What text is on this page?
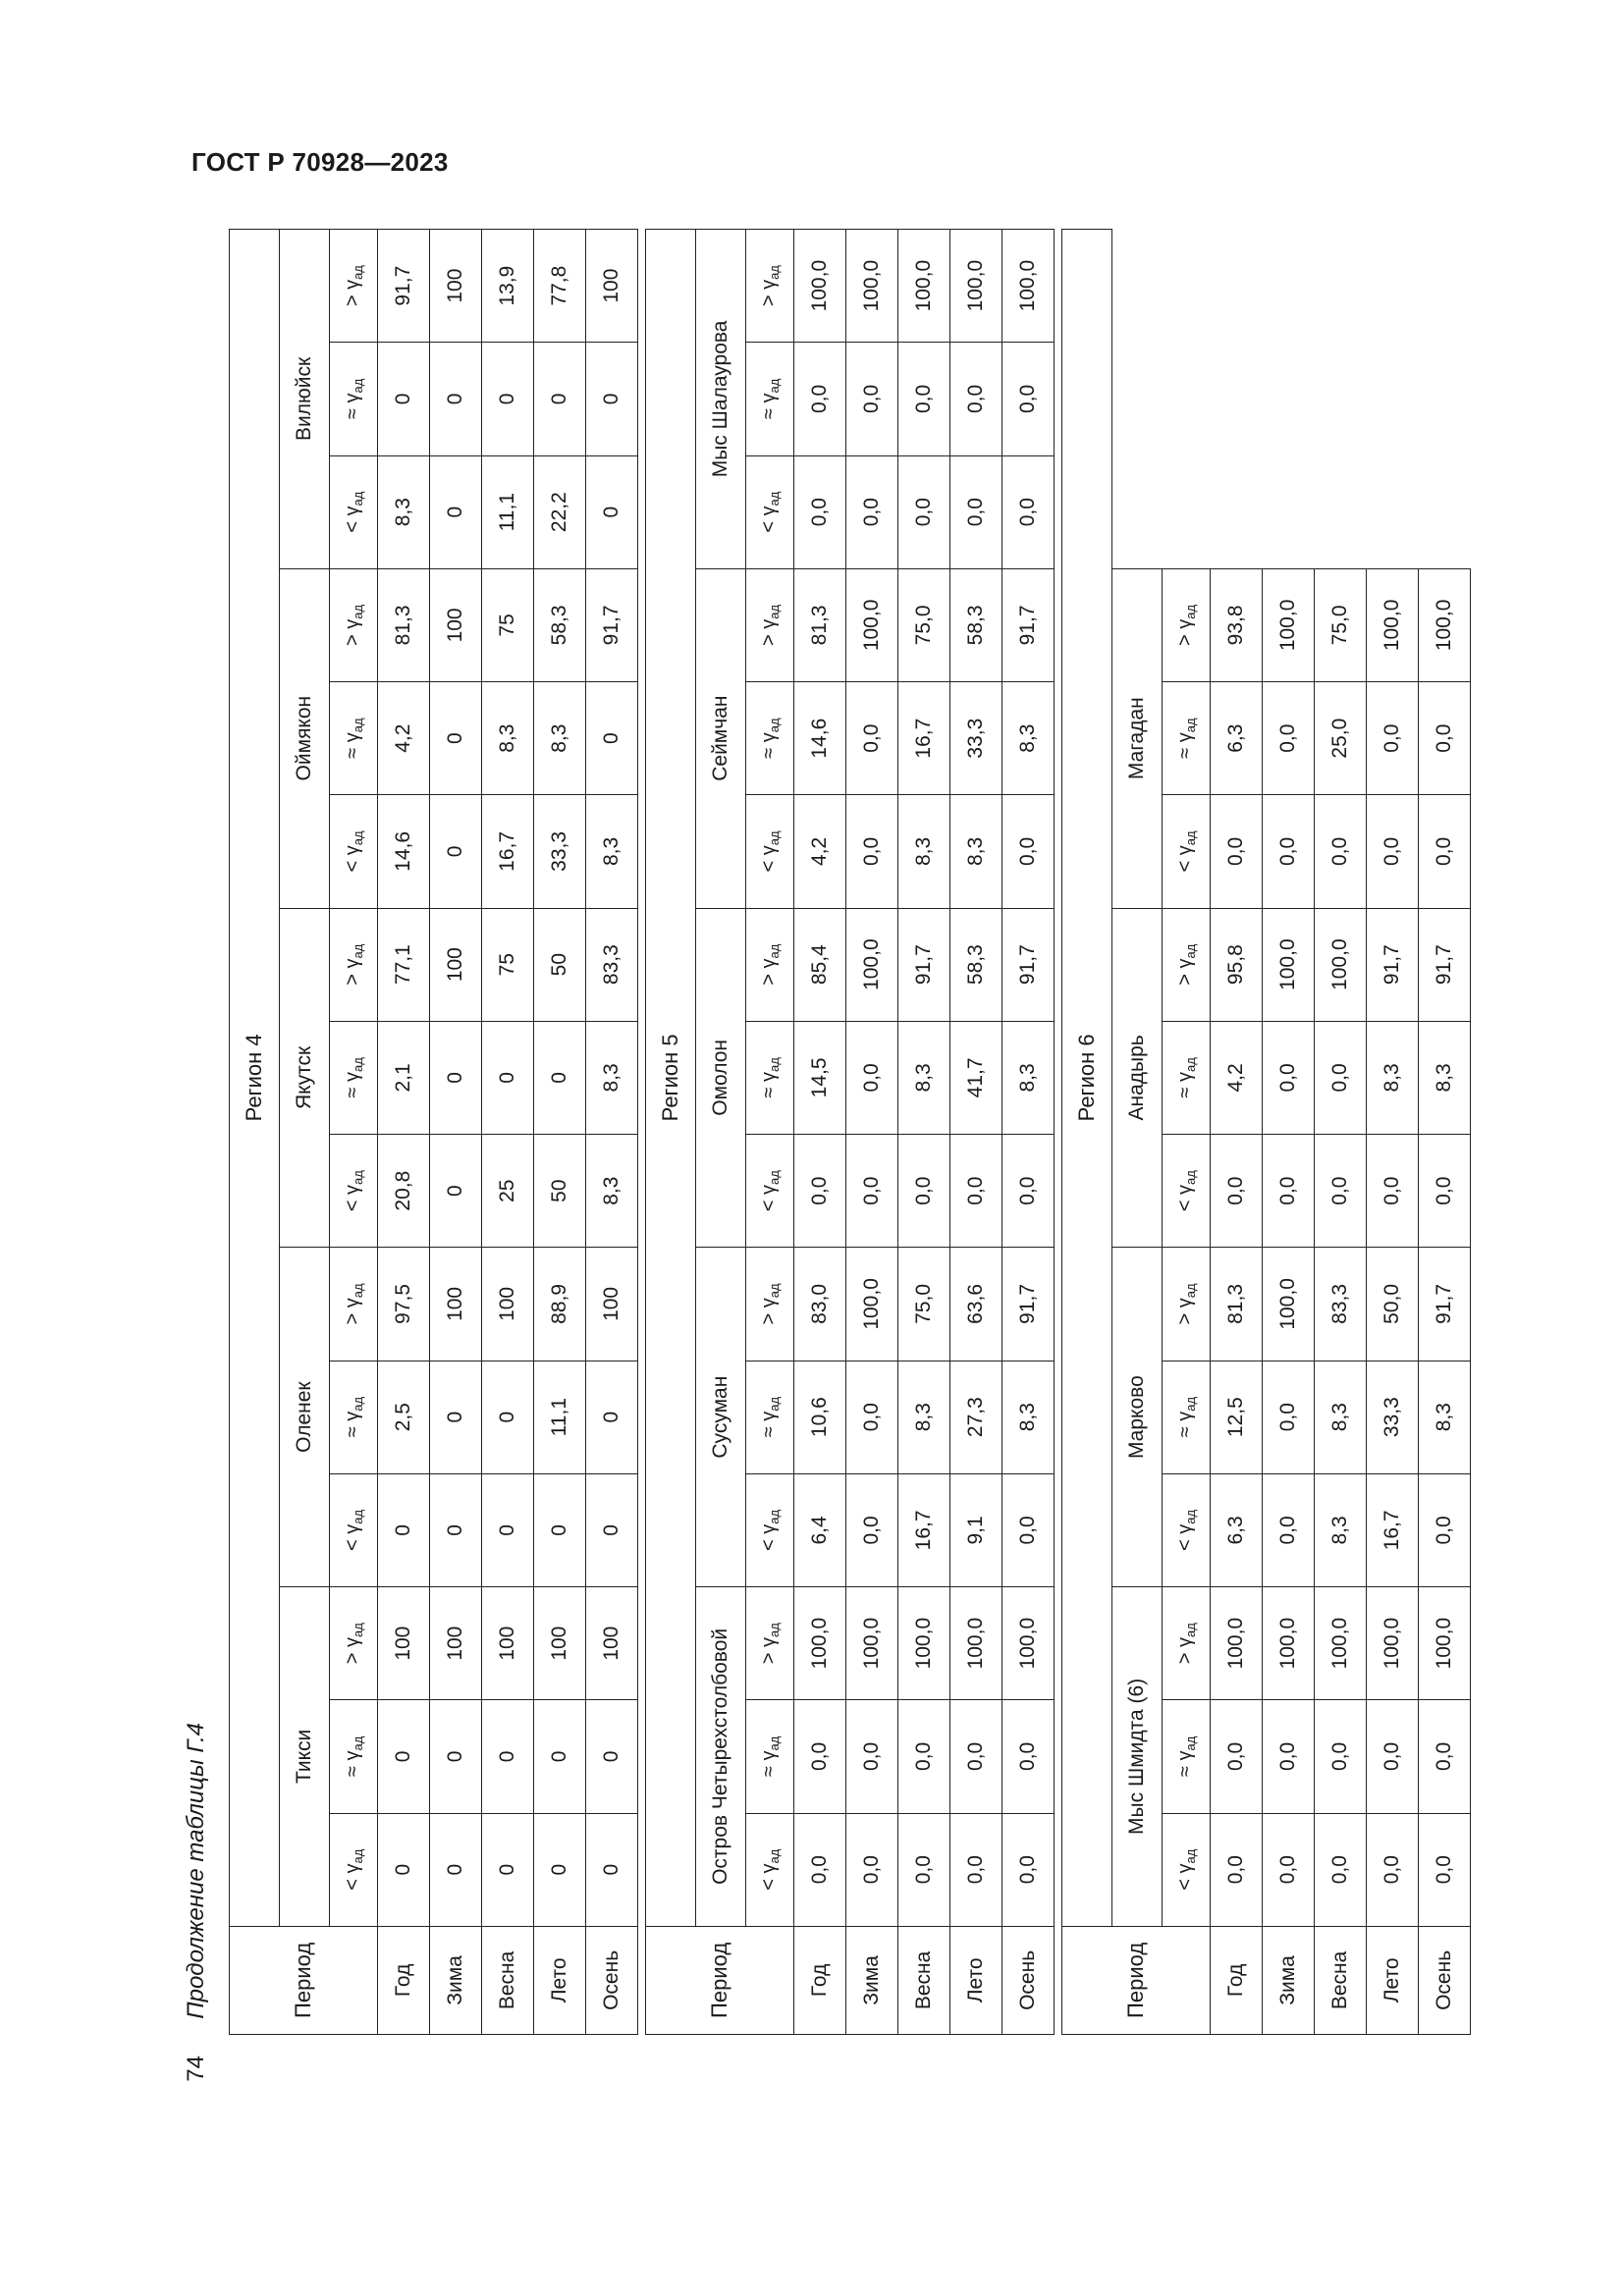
ГОСТ Р 70928—2023
Продолжение таблицы Г.4
74
Период	Регион 4														
	Тикси			Оленек			Якутск			Оймякон			Вилюйск		
	< $\gamma_{ад}$	≈ $\gamma_{ад}$	> $\gamma_{ад}$	< $\gamma_{ад}$	≈ $\gamma_{ад}$	> $\gamma_{ад}$	< $\gamma_{ад}$	≈ $\gamma_{ад}$	> $\gamma_{ад}$	< $\gamma_{ад}$	≈ $\gamma_{ад}$	> $\gamma_{ад}$	< $\gamma_{ад}$	≈ $\gamma_{ад}$	> $\gamma_{ад}$
Год	0	0	100	0	2,5	97,5	20,8	2,1	77,1	14,6	4,2	81,3	8,3	0	91,7
Зима	0	0	100	0	0	100	0	0	100	0	0	100	0	0	100
Весна	0	0	100	0	0	100	25	0	75	16,7	8,3	75	11,1	0	13,9
Лето	0	0	100	0	11,1	88,9	50	0	50	33,3	8,3	58,3	22,2	0	77,8
Осень	0	0	100	0	0	100	8,3	8,3	83,3	8,3	0	91,7	0	0	100

Период	Регион 5														
	Остров Четырехстолбовой			Сусуман			Омолон			Сеймчан			Мыс Шалаурова		
	< $\gamma_{ад}$	≈ $\gamma_{ад}$	> $\gamma_{ад}$	< $\gamma_{ад}$	≈ $\gamma_{ад}$	> $\gamma_{ад}$	< $\gamma_{ад}$	≈ $\gamma_{ад}$	> $\gamma_{ад}$	< $\gamma_{ад}$	≈ $\gamma_{ад}$	> $\gamma_{ад}$	< $\gamma_{ад}$	≈ $\gamma_{ад}$	> $\gamma_{ад}$
Год	0,0	0,0	100,0	6,4	10,6	83,0	0,0	14,5	85,4	4,2	14,6	81,3	0,0	0,0	100,0
Зима	0,0	0,0	100,0	0,0	0,0	100,0	0,0	0,0	100,0	0,0	0,0	100,0	0,0	0,0	100,0
Весна	0,0	0,0	100,0	16,7	8,3	75,0	0,0	8,3	91,7	8,3	16,7	75,0	0,0	0,0	100,0
Лето	0,0	0,0	100,0	9,1	27,3	63,6	0,0	41,7	58,3	8,3	33,3	58,3	0,0	0,0	100,0
Осень	0,0	0,0	100,0	0,0	8,3	91,7	0,0	8,3	91,7	0,0	8,3	91,7	0,0	0,0	100,0

Период	Регион 6														
	Мыс Шмидта (6)			Марково			Анадырь			Магадан					
	< $\gamma_{ад}$	≈ $\gamma_{ад}$	> $\gamma_{ад}$	< $\gamma_{ад}$	≈ $\gamma_{ад}$	> $\gamma_{ад}$	< $\gamma_{ад}$	≈ $\gamma_{ад}$	> $\gamma_{ад}$	< $\gamma_{ад}$	≈ $\gamma_{ад}$	> $\gamma_{ад}$
Год	0,0	0,0	100,0	6,3	12,5	81,3	0,0	4,2	95,8	0,0	6,3	93,8			
Зима	0,0	0,0	100,0	0,0	0,0	100,0	0,0	0,0	100,0	0,0	0,0	100,0			
Весна	0,0	0,0	100,0	8,3	8,3	83,3	0,0	0,0	100,0	0,0	25,0	75,0			
Лето	0,0	0,0	100,0	16,7	33,3	50,0	0,0	8,3	91,7	0,0	0,0	100,0			
Осень	0,0	0,0	100,0	0,0	8,3	91,7	0,0	8,3	91,7	0,0	0,0	100,0			
